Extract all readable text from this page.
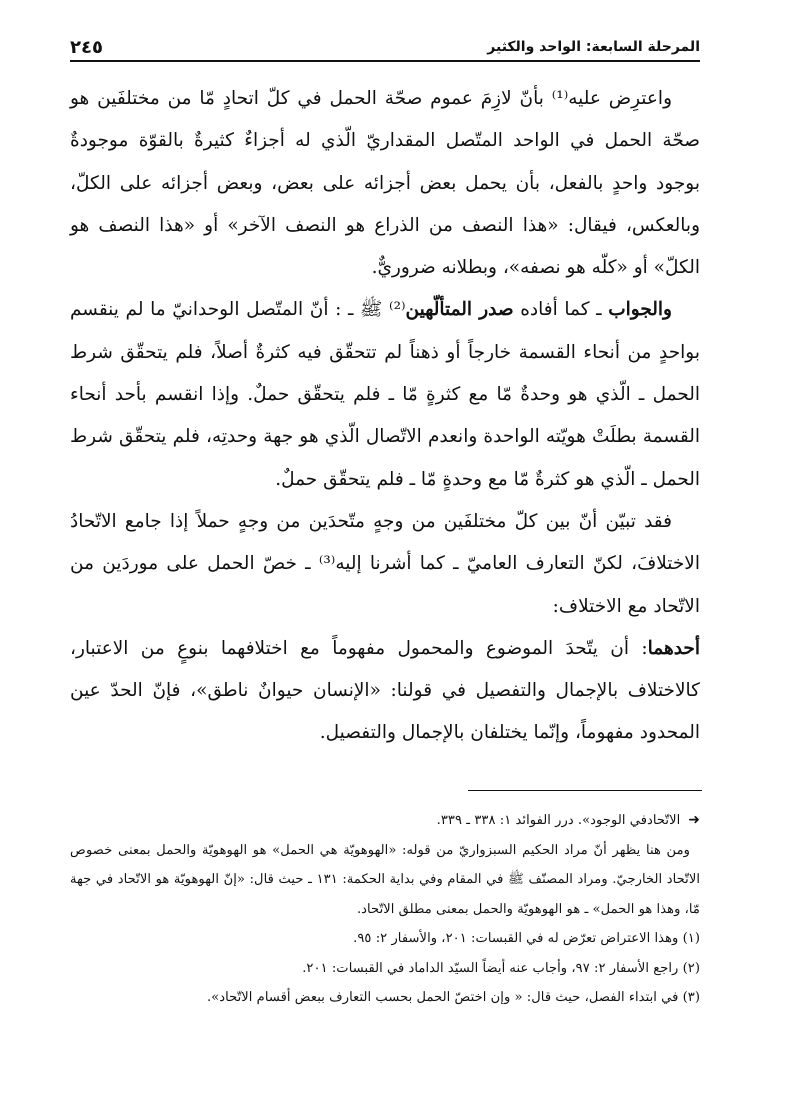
٢٤٥	المرحلة السابعة: الواحد والكثير

واعترِض عليه⁽¹⁾ بأنّ لازِمَ عموم صحّة الحمل في كلّ اتحادٍ مّا من مختلفَين هو صحّة الحمل في الواحد المتّصل المقداريّ الّذي له أجزاءٌ كثيرةٌ بالقوّة موجودةٌ بوجود واحدٍ بالفعل، بأن يحمل بعض أجزائه على بعض، وبعض أجزائه على الكلّ، وبالعكس، فيقال: «هذا النصف من الذراع هو النصف الآخر» أو «هذا النصف هو الكلّ» أو «كلّه هو نصفه»، وبطلانه ضروريٌّ.

والجواب ـ كما أفاده صدر المتألّهين⁽²⁾ ﷺ ـ : أنّ المتّصل الوحدانيّ ما لم ينقسم بواحدٍ من أنحاء القسمة خارجاً أو ذهناً لم تتحقّق فيه كثرةٌ أصلاً، فلم يتحقّق شرط الحمل ـ الّذي هو وحدةٌ مّا مع كثرةٍ مّا ـ فلم يتحقّق حملٌ. وإذا انقسم بأحد أنحاء القسمة بطلَتْ هويّته الواحدة وانعدم الاتّصال الّذي هو جهة وحدتِه، فلم يتحقّق شرط الحمل ـ الّذي هو كثرةٌ مّا مع وحدةٍ مّا ـ فلم يتحقّق حملٌ.

فقد تبيّن أنّ بين كلّ مختلفَين من وجهٍ متّحدَين من وجهٍ حملاً إذا جامع الاتّحادُ الاختلافَ، لكنّ التعارف العاميّ ـ كما أشرنا إليه⁽³⁾ ـ خصّ الحمل على موردَين من الاتّحاد مع الاختلاف:

أحدهما: أن يتّحدَ الموضوع والمحمول مفهوماً مع اختلافهما بنوعٍ من الاعتبار، كالاختلاف بالإجمال والتفصيل في قولنا: «الإنسان حيوانٌ ناطق»، فإنّ الحدّ عين المحدود مفهوماً، وإنّما يختلفان بالإجمال والتفصيل.

➜الاتّحادفي الوجود». درر الفوائد ١: ٣٣٨ ـ ٣٣٩.

ومن هنا يظهر أنّ مراد الحكيم السبزواريّ من قوله: «الهوهويّة هي الحمل» هو الهوهويّة والحمل بمعنى خصوص الاتّحاد الخارجيّ. ومراد المصنّف ﷺ في المقام وفي بداية الحكمة: ١٣١ ـ حيث قال: «إنّ الهوهويّة هو الاتّحاد في جهة مّا، وهذا هو الحمل» ـ هو الهوهويّة والحمل بمعنى مطلق الاتّحاد.

(١) وهذا الاعتراض تعرّض له في القبسات: ٢٠١، والأسفار ٢: ٩٥.

(٢) راجع الأسفار ٢: ٩٧، وأجاب عنه أيضاً السيّد الداماد في القبسات: ٢٠١.

(٣) في ابتداء الفصل، حيث قال: « وإن اختصّ الحمل بحسب التعارف ببعض أقسام الاتّحاد».
